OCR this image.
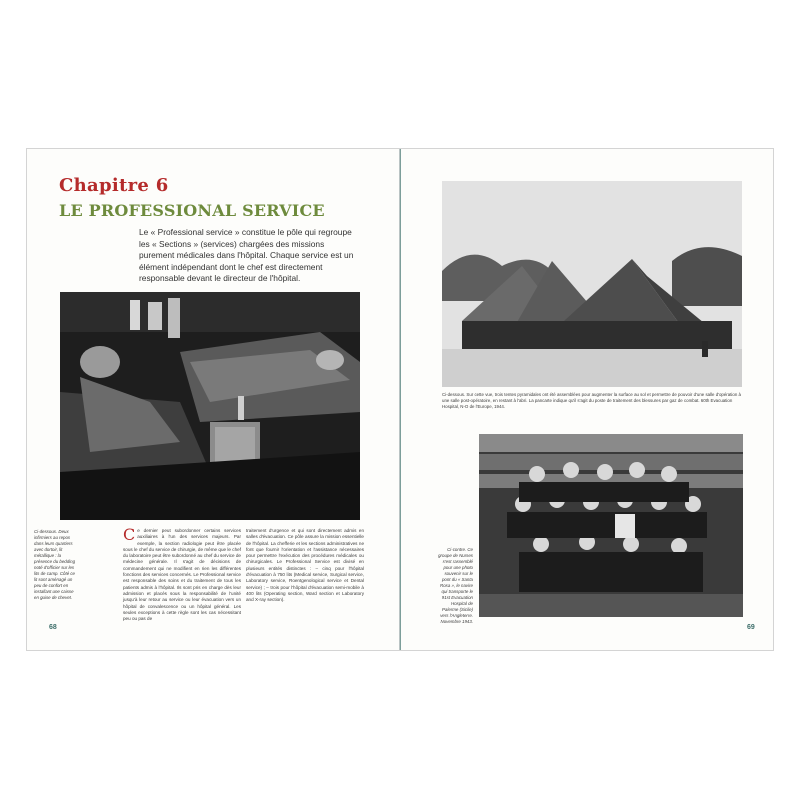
Chapitre 6
LE PROFESSIONAL SERVICE

Le « Professional service » constitue le pôle qui regroupe les « Sections » (services) chargées des missions purement médicales dans l'hôpital. Chaque service est un élément indépendant dont le chef est directement responsable devant le directeur de l'hôpital.

Ci-dessous. Deux infirmiers au repos dans leurs quartiers avec dortoir, lit métallique : la présence du bedding noté d'officier sur les lits de camp. Côté ce lit sont aménagé un peu de confort en installant une caisse en guise de chevet.

Ce dernier peut subordonner certains services auxiliaires à l'un des services majeurs. Par exemple, la section radiologie peut être placée sous le chef du service de chirurgie, de même que le chef du laboratoire peut être subordonné au chef du service de médecine générale. Il s'agit de décisions de commandement qui ne modifient en rien les différentes fonctions des services concernés. Le Professional service est responsable des soins et du traitement de tous les patients admis à l'hôpital. Ils sont pris en charge dès leur admission et placés sous la responsabilité de l'unité jusqu'à leur retour au service ou leur évacuation vers un hôpital de convalescence ou un hôpital général. Les seules exceptions à cette règle sont les cas nécessitant peu ou pas de

traitement d'urgence et qui sont directement admis en salles d'évacuation. Ce pôle assure la mission essentielle de l'hôpital. La chefferie et les sections administratives ne font que fournir l'orientation et l'assistance nécessaires pour permettre l'exécution des procédures médicales ou chirurgicales. Le Professional Service est divisé en plusieurs entités distinctes : – cinq pour l'hôpital d'évacuation à 750 lits (Medical service, Surgical service, Laboratory service, Roentgenological service et Dental service) ; – trois pour l'hôpital d'évacuation semi-mobile à 400 lits (Operating section, Ward section et Laboratory and X-ray section).

68

Ci-dessous. Sur cette vue, trois tentes pyramidales ont été assemblées pour augmenter la surface au sol et permettre de pouvoir d'une salle d'opération à une salle post-opératoire, en restant à l'abri. La pancarte indique qu'il s'agit du poste de traitement des blessures par gaz de combat. 60th Evacuation Hospital, N-O de l'Europe, 1944.

Ci-contre. Ce groupe de Nurses s'est rassemblé pour une photo souvenir sur le pont du « Santa Rosa », le navire qui transporte le 91st Evacuation Hospital de Palerme (Sicile) vers l'Angleterre. Novembre 1943.

69
